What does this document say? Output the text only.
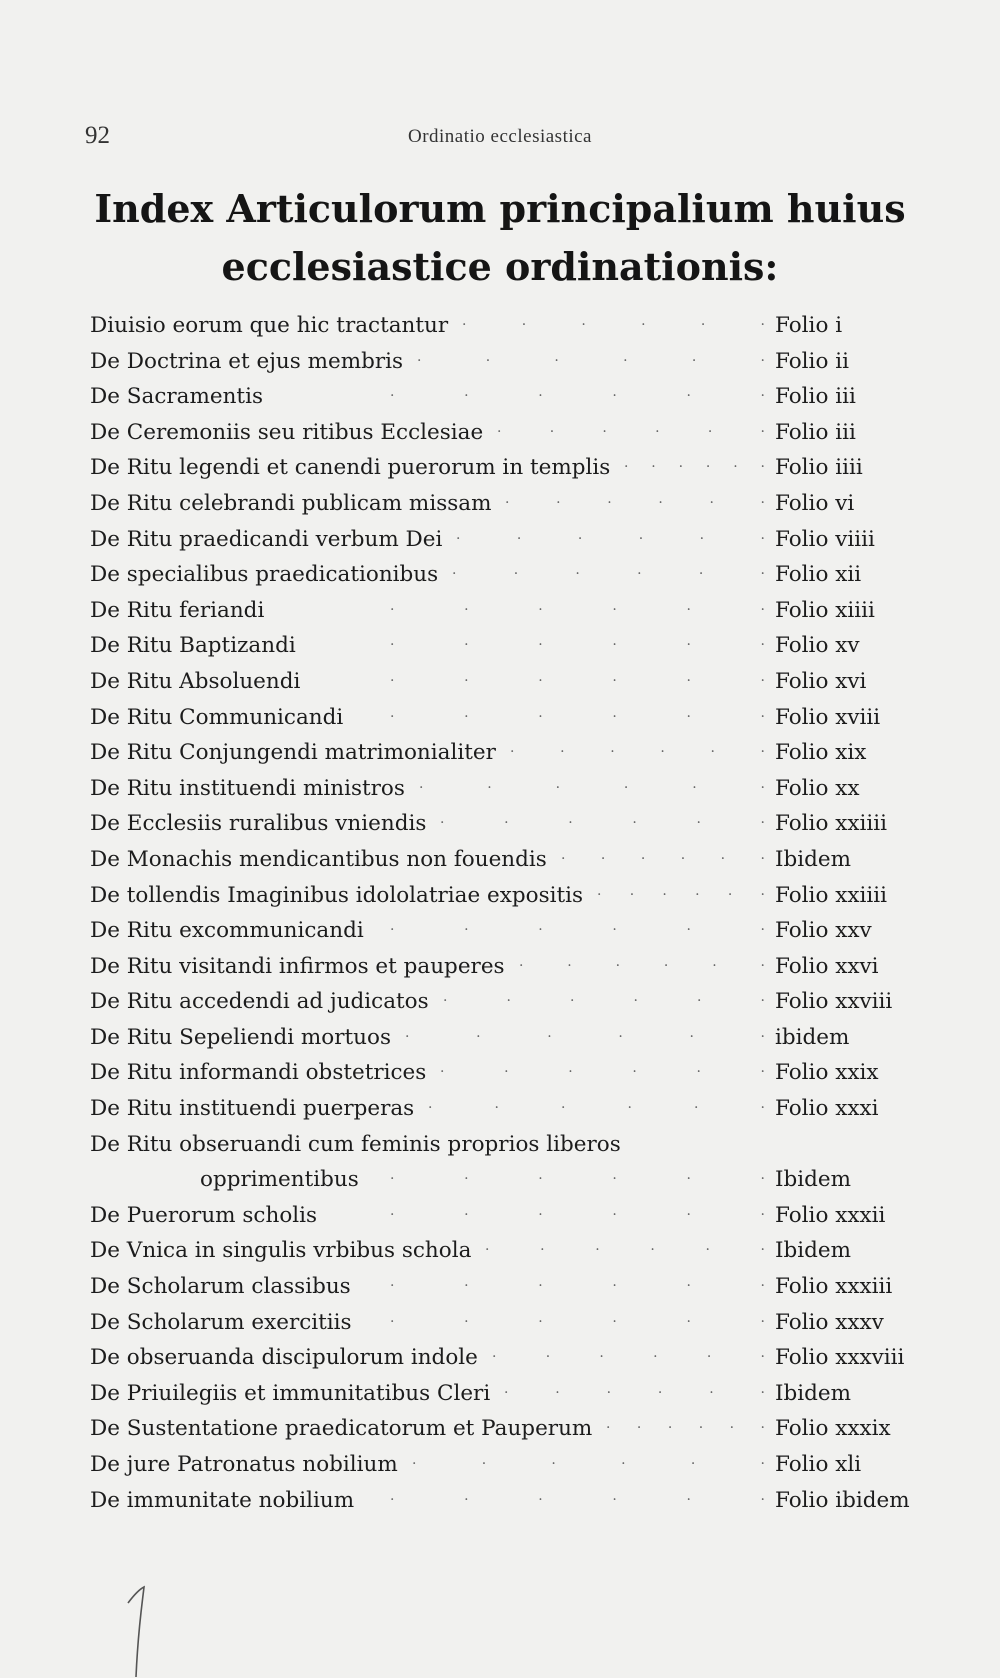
92	Ordinatio ecclesiastica
Index Articulorum principalium huius
ecclesiastice ordinationis:
Diuisio eorum que hic tractantur ·	·	·	·	·	· Folio i
De Doctrina et ejus membris ·	·	·	·	·	· Folio ii
De Sacramentis	·	·	·	·	·	· Folio iii
De Ceremoniis seu ritibus Ecclesiae ·	·	·	·	·	· Folio iii
De Ritu legendi et canendi puerorum in templis · · · · · · Folio iiii
De Ritu celebrandi publicam missam ·	·	·	·	·	· Folio vi
De Ritu praedicandi verbum Dei ·	·	·	·	·	· Folio viiii
De specialibus praedicationibus ·	·	·	·	·	· Folio xii
De Ritu feriandi	·	·	·	·	·	· Folio xiiii
De Ritu Baptizandi	·	·	·	·	·	· Folio xv
De Ritu Absoluendi	·	·	·	·	·	· Folio xvi
De Ritu Communicandi	·	·	·	·	·	· Folio xviii
De Ritu Conjungendi matrimonialiter ·	·	·	·	·	· Folio xix
De Ritu instituendi ministros ·	·	·	·	·	· Folio xx
De Ecclesiis ruralibus vniendis ·	·	·	·	·	· Folio xxiiii
De Monachis mendicantibus non fouendis ·	·	·	·	·	· Ibidem
De tollendis Imaginibus idololatriae expositis · · · · · · Folio xxiiii
De Ritu excommunicandi ·	·	·	·	·	· Folio xxv
De Ritu visitandi infirmos et pauperes ·	·	·	·	·	· Folio xxvi
De Ritu accedendi ad judicatos ·	·	·	·	·	· Folio xxviii
De Ritu Sepeliendi mortuos ·	·	·	·	·	· ibidem
De Ritu informandi obstetrices ·	·	·	·	·	· Folio xxix
De Ritu instituendi puerperas ·	·	·	·	·	· Folio xxxi
De Ritu obseruandi cum feminis proprios liberos
opprimentibus ·	·	·	·	·	· Ibidem
De Puerorum scholis	·	·	·	·	·	· Folio xxxii
De Vnica in singulis vrbibus schola ·	·	·	·	·	· Ibidem
De Scholarum classibus	·	·	·	·	·	· Folio xxxiii
De Scholarum exercitiis	·	·	·	·	·	· Folio xxxv
De obseruanda discipulorum indole ·	·	·	·	·	· Folio xxxviii
De Priuilegiis et immunitatibus Cleri ·	·	·	·	·	· Ibidem
De Sustentatione praedicatorum et Pauperum · · · · · · Folio xxxix
De jure Patronatus nobilium ·	·	·	·	·	· Folio xli
De immunitate nobilium	·	·	·	·	·	· Folio ibidem
